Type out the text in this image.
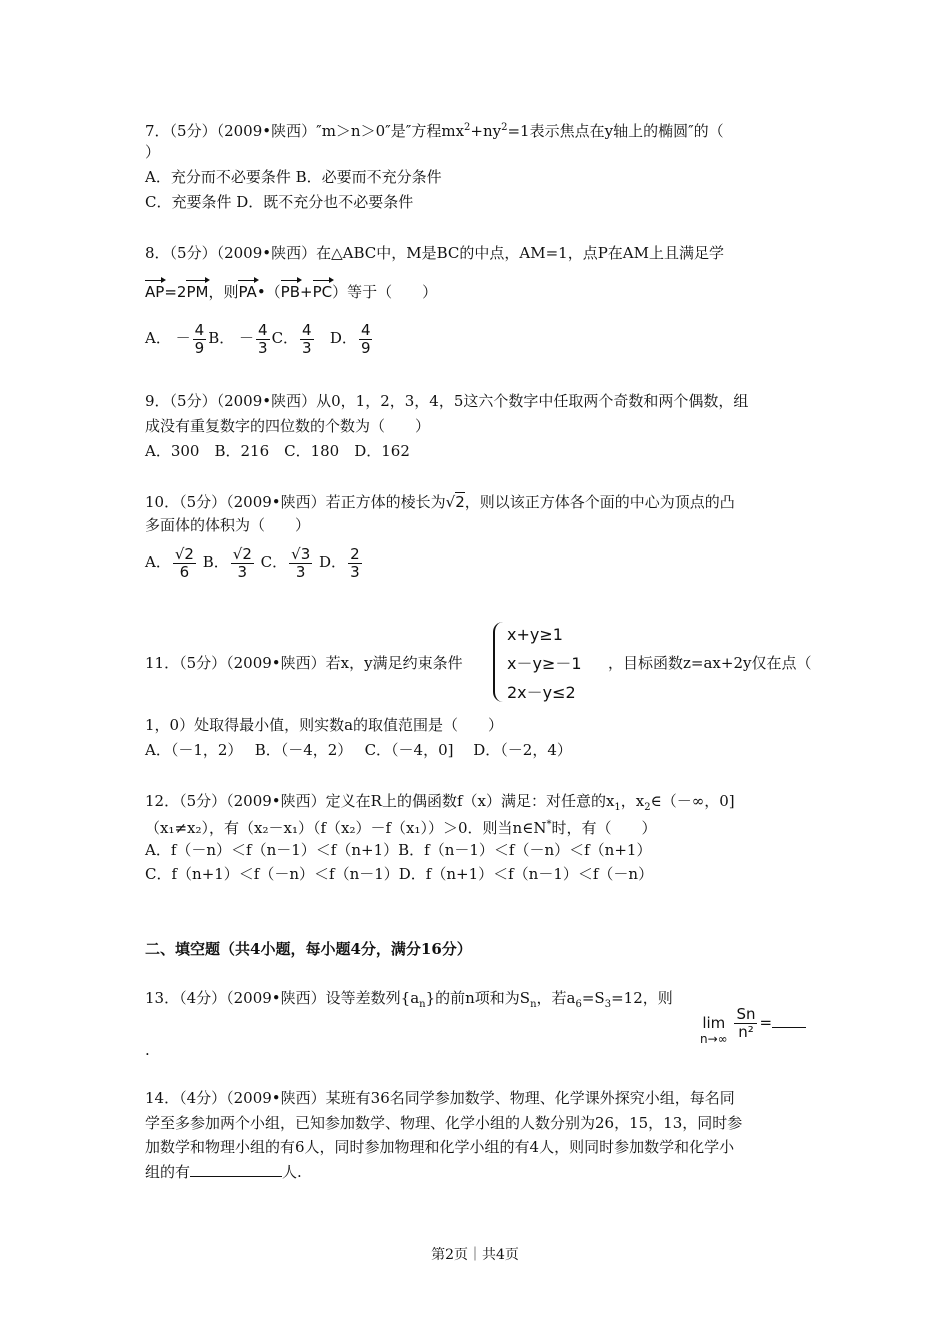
7．（5分）（2009•陕西）″m＞n＞0″是″方程$mx^2+ny^2=1$表示焦点在y轴上的椭圆″的（
）
A．充分而不必要条件 B．必要而不充分条件
C．充要条件 D．既不充分也不必要条件
8．（5分）（2009•陕西）在△ABC中，M是BC的中点，AM=1，点P在AM上且满足学
AP=2PM，则PA•（PB+PC）等于（　　）
A． － $\frac{4}{9}$ B． － $\frac{4}{3}$ C． $\frac{4}{3}$ D． $\frac{4}{9}$
9．（5分）（2009•陕西）从0，1，2，3，4，5这六个数字中任取两个奇数和两个偶数，组
成没有重复数字的四位数的个数为（　　）
A．300　B．216　C．180　D．162
10．（5分）（2009•陕西）若正方体的棱长为√2，则以该正方体各个面的中心为顶点的凸
多面体的体积为（　　）
A． $\frac{√2}{6}$ B． $\frac{√2}{3}$ C． $\frac{√3}{3}$ D． $\frac{2}{3}$
11．（5分）（2009•陕西）若x，y满足约束条件
x+y≥1
x－y≥－1
2x－y≤2
，目标函数z=ax+2y仅在点（
1，0）处取得最小值，则实数a的取值范围是（　　）
A．（－1，2）　 B．（－4，2）　 C．（－4，0]　 D．（－2，4）
12．（5分）（2009•陕西）定义在R上的偶函数f（x）满足：对任意的$x_1$，$x_2\in(-\infty$，0]
（x₁≠x₂），有（x₂－x₁）（f（x₂）－f（x₁））＞0．则当n∈N*时，有（　　）
A．f（－n）＜f（n－1）＜f（n+1）B．f（n－1）＜f（－n）＜f（n+1）
C．f（n+1）＜f（－n）＜f（n－1）D．f（n+1）＜f（n－1）＜f（－n）
二、填空题（共4小题，每小题4分，满分16分）
13．（4分）（2009•陕西）设等差数列$\{a_n\}$的前n项和为$S_n$，若$a_6=S_3=12$，则
lim
n→∞
$\frac{Sn}{\text{n²}}$ =
.
14．（4分）（2009•陕西）某班有36名同学参加数学、物理、化学课外探究小组，每名同
学至多参加两个小组，已知参加数学、物理、化学小组的人数分别为26，15，13，同时参
加数学和物理小组的有6人，同时参加物理和化学小组的有4人，则同时参加数学和化学小
组的有	人.
第2页｜共4页
